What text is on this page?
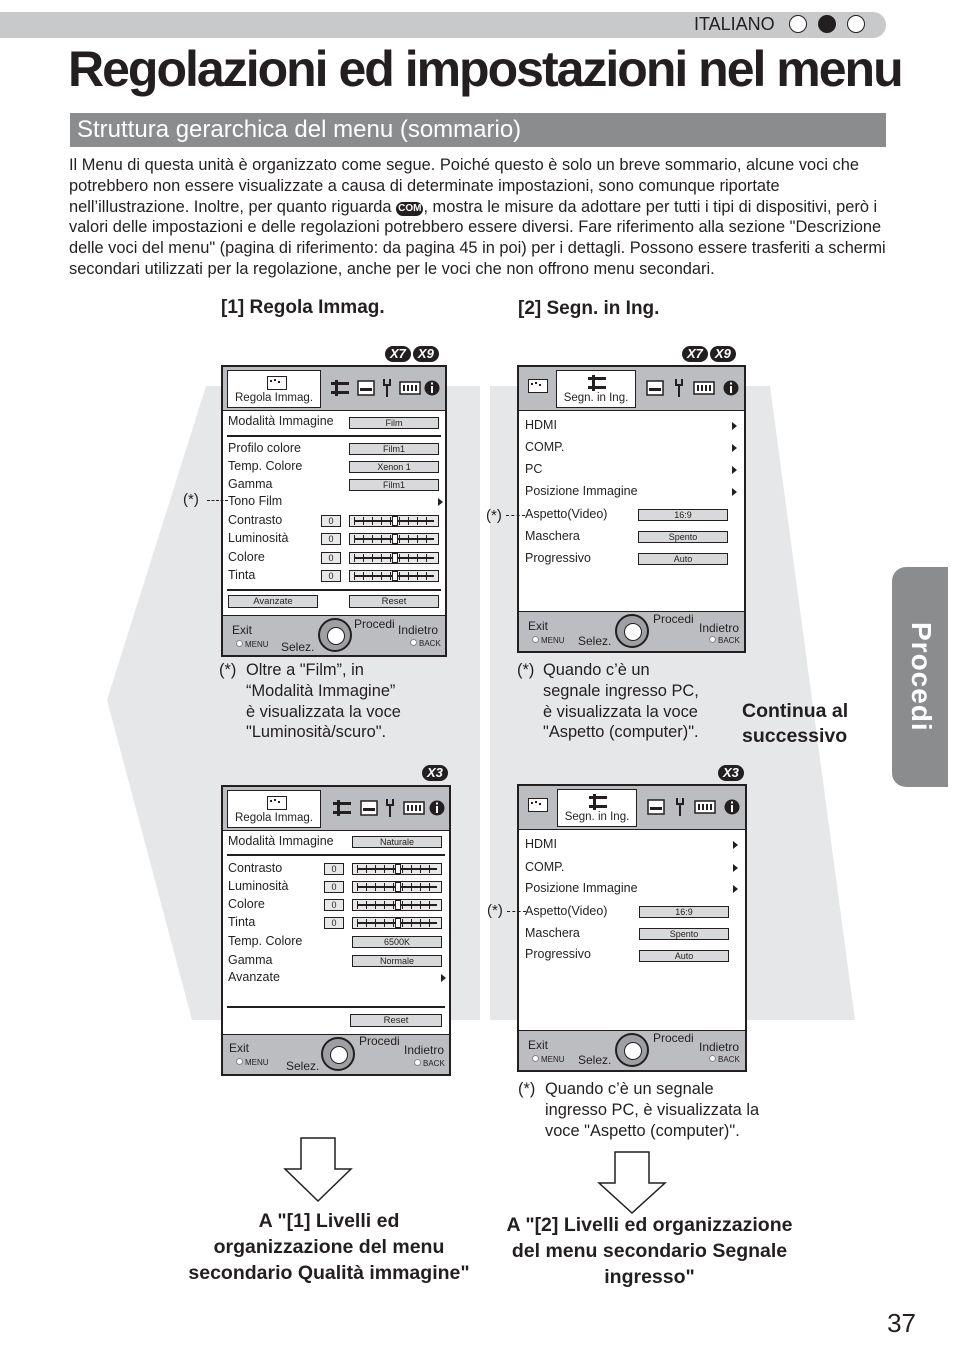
ITALIANO
Regolazioni ed impostazioni nel menu
Struttura gerarchica del menu (sommario)
Il Menu di questa unità è organizzato come segue. Poiché questo è solo un breve sommario, alcune voci che potrebbero non essere visualizzate a causa di determinate impostazioni, sono comunque riportate nell’illustrazione. Inoltre, per quanto riguarda COM , mostra le misure da adottare per tutti i tipi di dispositivi, però i valori delle impostazioni e delle regolazioni potrebbero essere diversi. Fare riferimento alla sezione "Descrizione delle voci del menu" (pagina di riferimento: da pagina 45 in poi) per i dettagli. Possono essere trasferiti a schermi secondari utilizzati per la regolazione, anche per le voci che non offrono menu secondari.
[1] Regola Immag.	[2] Segn. in Ing.
X7 X9	X7 X9
X3	X3
Regola Immag.
Modalità Immagine	Film
Profilo colore	Film1
Temp. Colore	Xenon 1
Gamma	Film1
Tono Film
Contrasto	0
Luminosità	0
Colore	0
Tinta	0
Avanzate	Reset
Exit
MENU Selez.
Procedi Indietro
BACK
(*)
Segn. in Ing.
HDMI
COMP.
PC
Posizione Immagine
Aspetto(Video)	16:9
Maschera	Spento
Progressivo	Auto
Exit
MENU Selez.
Procedi
Indietro
BACK
(*)
(*) Oltre a "Film”, in
“Modalità Immagine”
è visualizzata la voce
"Luminosità/scuro".
(*) Quando c’è un
segnale ingresso PC,
è visualizzata la voce
"Aspetto (computer)".
Continua al
successivo
Regola Immag.
Modalità Immagine	Naturale
Contrasto	0
Luminosità	0
Colore	0
Tinta	0
Temp. Colore	6500K
Gamma	Normale
Avanzate
Reset
Exit
MENU Selez.
Procedi
Indietro
BACK
Segn. in Ing.
HDMI
COMP.
Posizione Immagine
Aspetto(Video)	16:9
Maschera	Spento
Progressivo	Auto
Exit
MENU Selez.
Procedi
Indietro
BACK
(*)
(*) Quando c’è un segnale
ingresso PC, è visualizzata la
voce "Aspetto (computer)".
A "[1] Livelli ed
organizzazione del menu
secondario Qualità immagine"
A "[2] Livelli ed organizzazione
del menu secondario Segnale
ingresso"
Procedi
37
